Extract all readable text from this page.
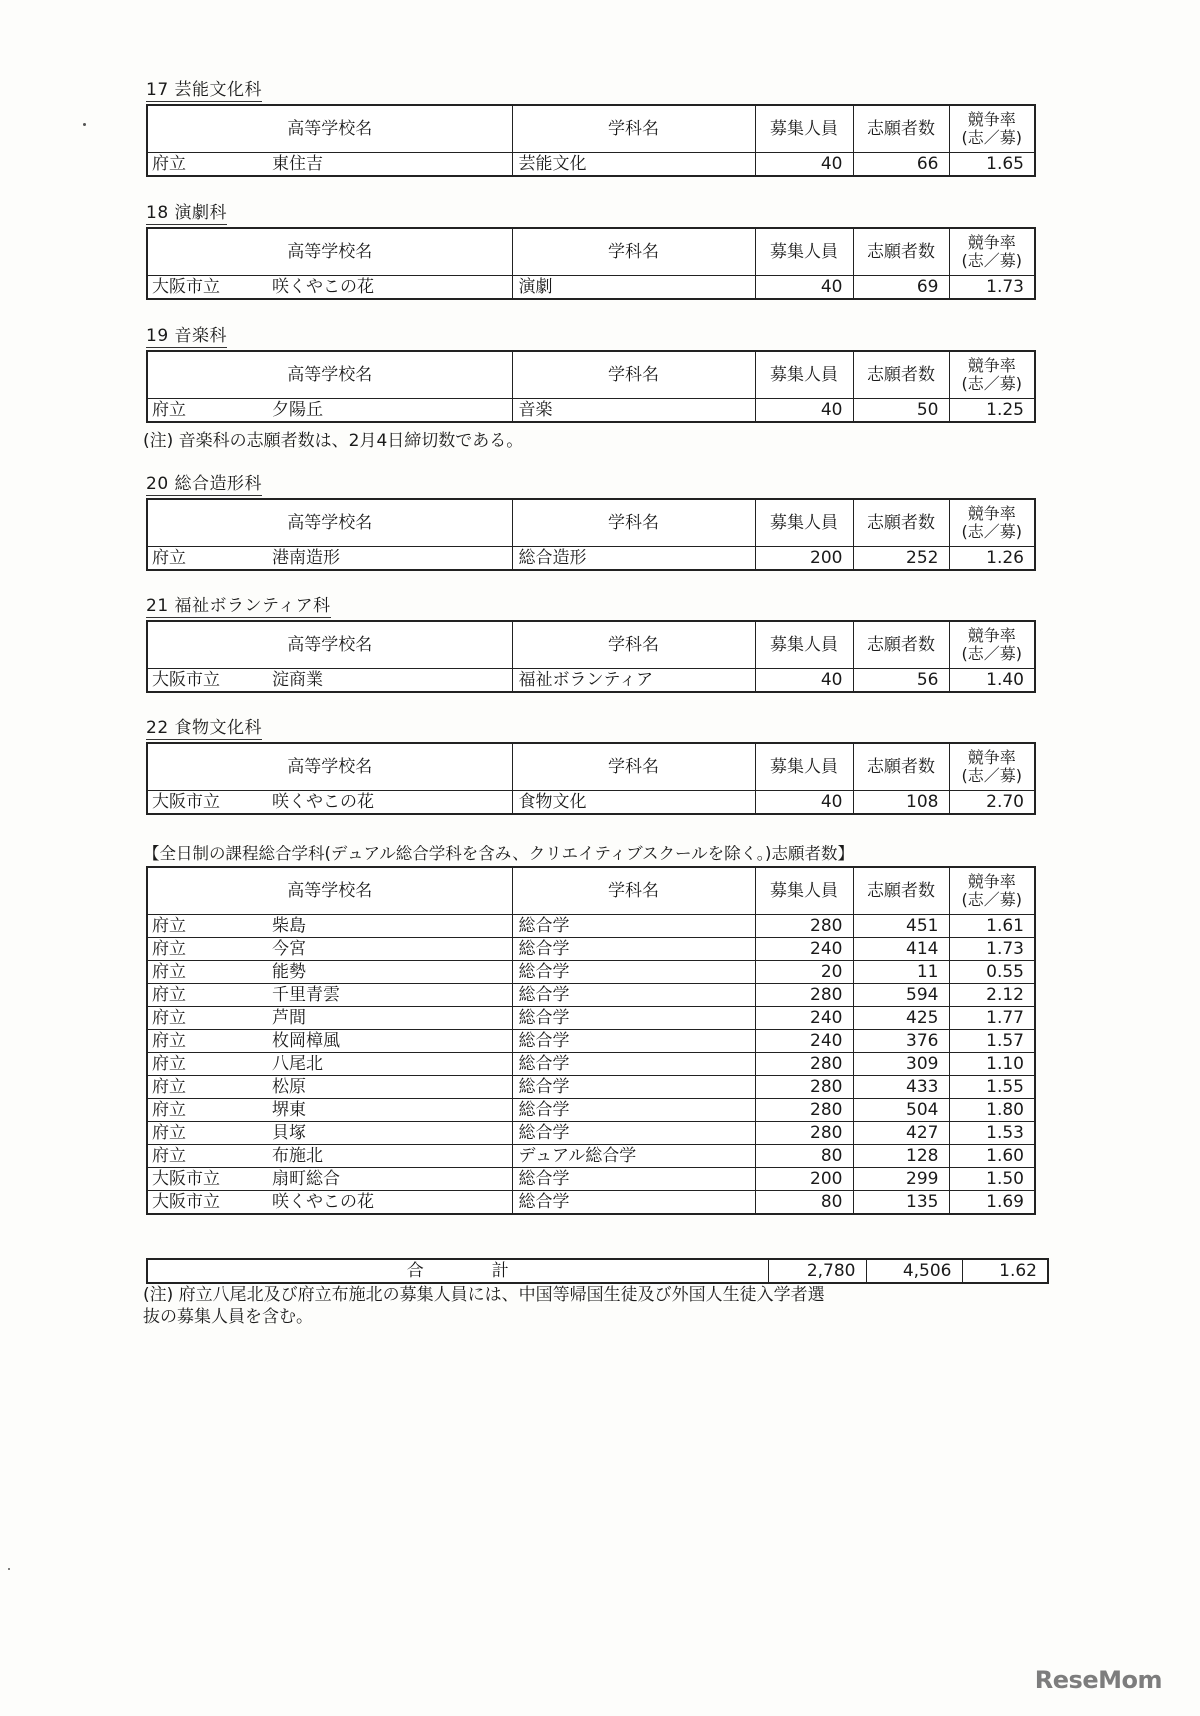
17 芸能文化科
高等学校名	学科名	募集人員	志願者数	競争率
(志／募)
府立 東住吉	芸能文化	40	66	1.65
18 演劇科
高等学校名	学科名	募集人員	志願者数	競争率
(志／募)
大阪市立 咲くやこの花	演劇	40	69	1.73
19 音楽科
高等学校名	学科名	募集人員	志願者数	競争率
(志／募)
府立 夕陽丘	音楽	40	50	1.25
(注) 音楽科の志願者数は、2月4日締切数である。
20 総合造形科
高等学校名	学科名	募集人員	志願者数	競争率
(志／募)
府立 港南造形	総合造形	200	252	1.26
21 福祉ボランティア科
高等学校名	学科名	募集人員	志願者数	競争率
(志／募)
大阪市立 淀商業	福祉ボランティア	40	56	1.40
22 食物文化科
高等学校名	学科名	募集人員	志願者数	競争率
(志／募)
大阪市立 咲くやこの花	食物文化	40	108	2.70
【全日制の課程総合学科(デュアル総合学科を含み、クリエイティブスクールを除く。)志願者数】
高等学校名	学科名	募集人員	志願者数	競争率
(志／募)
府立 柴島	総合学	280	451	1.61
府立 今宮	総合学	240	414	1.73
府立 能勢	総合学	20	11	0.55
府立 千里青雲	総合学	280	594	2.12
府立 芦間	総合学	240	425	1.77
府立 枚岡樟風	総合学	240	376	1.57
府立 八尾北	総合学	280	309	1.10
府立 松原	総合学	280	433	1.55
府立 堺東	総合学	280	504	1.80
府立 貝塚	総合学	280	427	1.53
府立 布施北	デュアル総合学	80	128	1.60
大阪市立 扇町総合	総合学	200	299	1.50
大阪市立 咲くやこの花	総合学	80	135	1.69
合　　　　計	2,780	4,506	1.62
(注) 府立八尾北及び府立布施北の募集人員には、中国等帰国生徒及び外国人生徒入学者選
抜の募集人員を含む。
ReseMom
